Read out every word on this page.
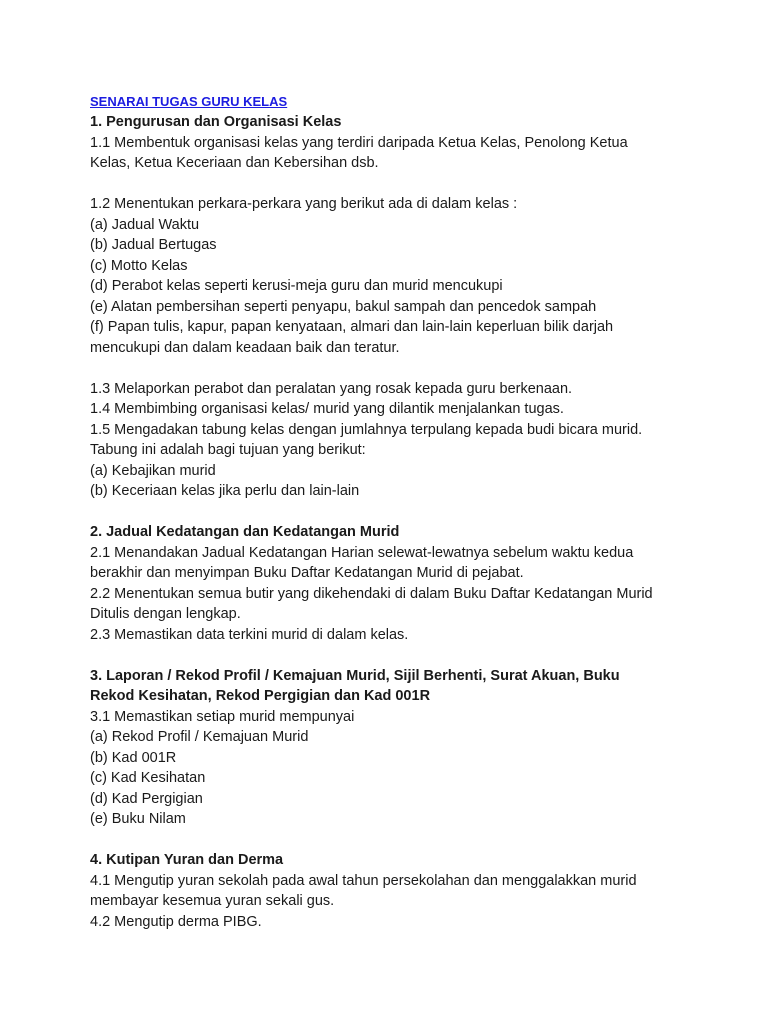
SENARAI TUGAS GURU KELAS
1. Pengurusan dan Organisasi Kelas
1.1 Membentuk organisasi kelas yang terdiri daripada Ketua Kelas, Penolong Ketua
Kelas, Ketua Keceriaan dan Kebersihan dsb.
1.2 Menentukan perkara-perkara yang berikut ada di dalam kelas :
(a) Jadual Waktu
(b) Jadual Bertugas
(c) Motto Kelas
(d) Perabot kelas seperti kerusi-meja guru dan murid mencukupi
(e) Alatan pembersihan seperti penyapu, bakul sampah dan pencedok sampah
(f) Papan tulis, kapur, papan kenyataan, almari dan lain-lain keperluan bilik darjah
mencukupi dan dalam keadaan baik dan teratur.
1.3 Melaporkan perabot dan peralatan yang rosak kepada guru berkenaan.
1.4 Membimbing organisasi kelas/ murid yang dilantik menjalankan tugas.
1.5 Mengadakan tabung kelas dengan jumlahnya terpulang kepada budi bicara murid.
Tabung ini adalah bagi tujuan yang berikut:
(a) Kebajikan murid
(b) Keceriaan kelas jika perlu dan lain-lain
2. Jadual Kedatangan dan Kedatangan Murid
2.1 Menandakan Jadual Kedatangan Harian selewat-lewatnya sebelum waktu kedua
berakhir dan menyimpan Buku Daftar Kedatangan Murid di pejabat.
2.2 Menentukan semua butir yang dikehendaki di dalam Buku Daftar Kedatangan Murid
Ditulis dengan lengkap.
2.3 Memastikan data terkini murid di dalam kelas.
3. Laporan / Rekod Profil / Kemajuan Murid, Sijil Berhenti, Surat Akuan, Buku
Rekod Kesihatan, Rekod Pergigian dan Kad 001R
3.1 Memastikan setiap murid mempunyai
(a) Rekod Profil / Kemajuan Murid
(b) Kad 001R
(c) Kad Kesihatan
(d) Kad Pergigian
(e) Buku Nilam
4. Kutipan Yuran dan Derma
4.1 Mengutip yuran sekolah pada awal tahun persekolahan dan menggalakkan murid
membayar kesemua yuran sekali gus.
4.2 Mengutip derma PIBG.
